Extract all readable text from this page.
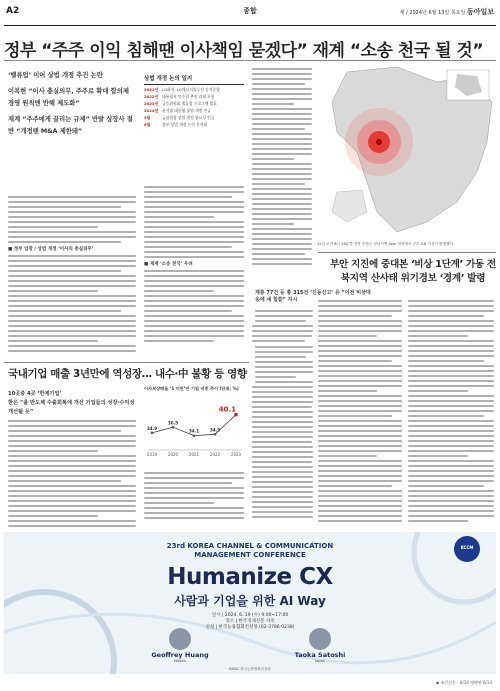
A2	종합	제 / 2024년 6월 13일 목요일 동아일보
정부 “주주 이익 침해땐 이사책임 묻겠다” 재계 “소송 천국 될 것”
‘밸류업’ 이어 상법 개정 추진 논란
이복현 “이사 충실의무, 주주로 확대 합의제 경영 원칙엔 반해 제도화”
재계 “주주에게 끌리는 규제” 반발 상장사 절반 “개정땐 M&A 제한돼”
■ 정부 입장 / 상법 개정 ‘이사의 충실의무’
상법 개정 논의 일지
2021년 LG화학, LG에너지솔루션 물적분할
2022년 대통령직 인수위 추진 과제 포함
2023년 금융위원회 밸류업 프로그램 발표
2024년 윤석열 대통령 상법 개정 언급
3월	금감원장 상법 개정 필요성 언급
6월	정부 상법 개정 논의 본격화
■ 재계 ‘소송 천국’ 우려
12일 오전 8시 26분쯤 전북 부안군 남남서쪽 4km 지역에서 규모 4.8 지진이 발생했다.
부안 지진에 중대본 ‘비상 1단계’ 가동 전북지역 산사태 위기경보 ‘경계’ 발령
계룡 77건 등 총 315건 ‘신동신고’ 유 “이전 비상대응에 새 힘쓸” 지시
국내기업 매출 3년만에 역성장… 내수·中 불황 등 영향
10곳중 4곳 ‘한계기업’
한은 “올 반도체 수출회복에 개선 기업들의 성장·수익성 개선될 듯”
이자보상배율 ‘1 미만’인 기업 비중 추이 (단위: %)
34.9
2019
36.5
2020
34.1
2021
34.5
2022
40.1
2023
KCCM
23rd KOREA CHANNEL & COMMUNICATION
MANAGEMENT CONFERENCE
Humanize CX
사람과 기업을 위한 AI Way
일시 | 2024. 6. 19 (수) 9:00~17:00
장소 | 한국경제신문 사옥
신청 | 한국능률협회컨설팅 (02-3786-0238)
Geoffrey Huang
Webex
Taoka Satoshi
Japan
KMAC 한국능률협회컨설팅
◆ 조간신문 - 6/14 재팬판 6/14
